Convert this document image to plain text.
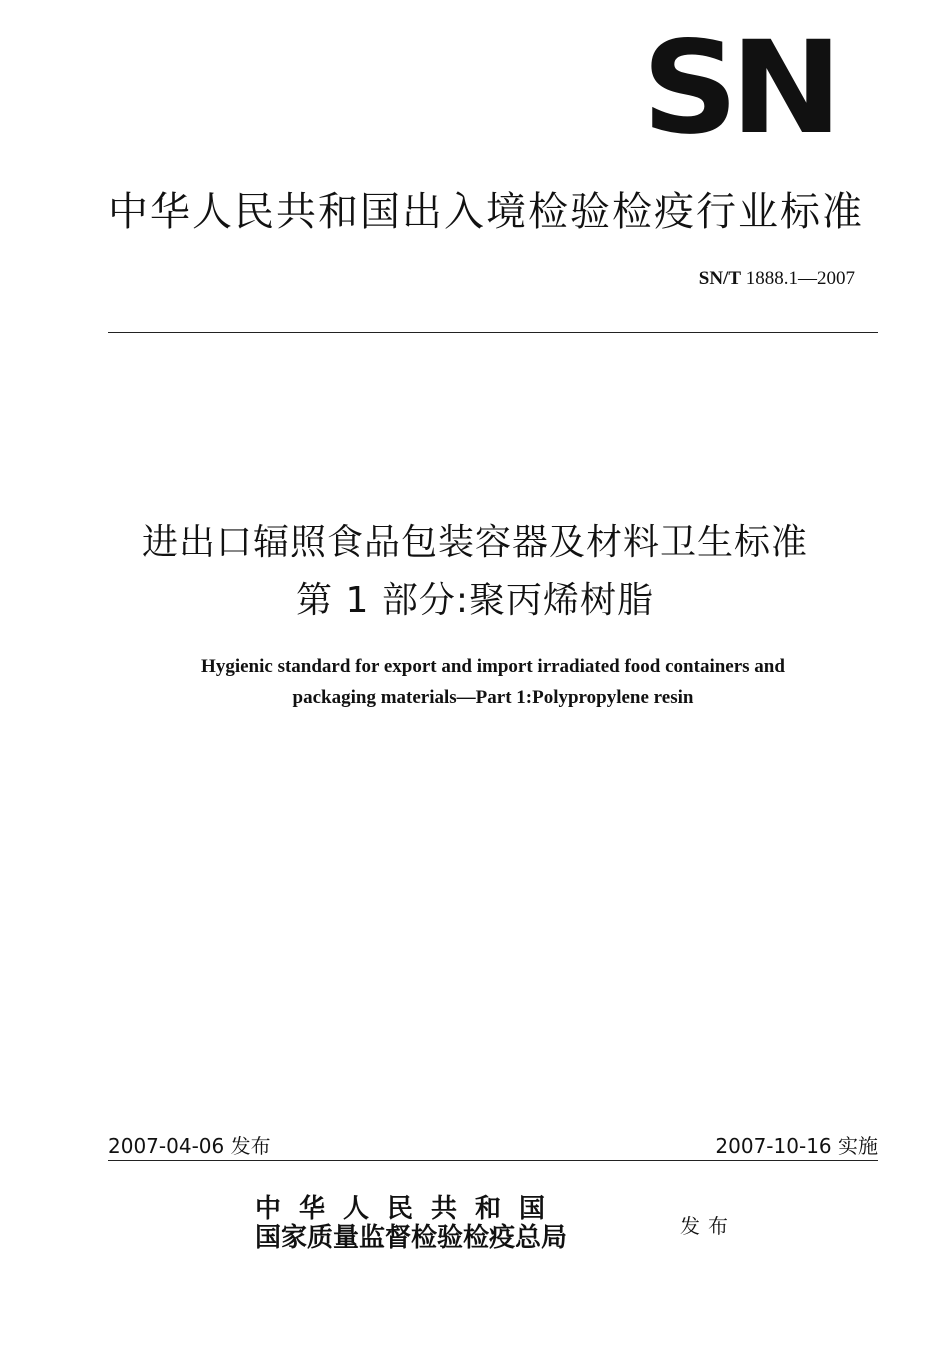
SN
中华人民共和国出入境检验检疫行业标准
SN/T 1888.1—2007
进出口辐照食品包装容器及材料卫生标准
第 1 部分:聚丙烯树脂
Hygienic standard for export and import irradiated food containers and
packaging materials—Part 1:Polypropylene resin
2007-04-06 发布	2007-10-16 实施
中华人民共和国
国家质量监督检验检疫总局	发布
